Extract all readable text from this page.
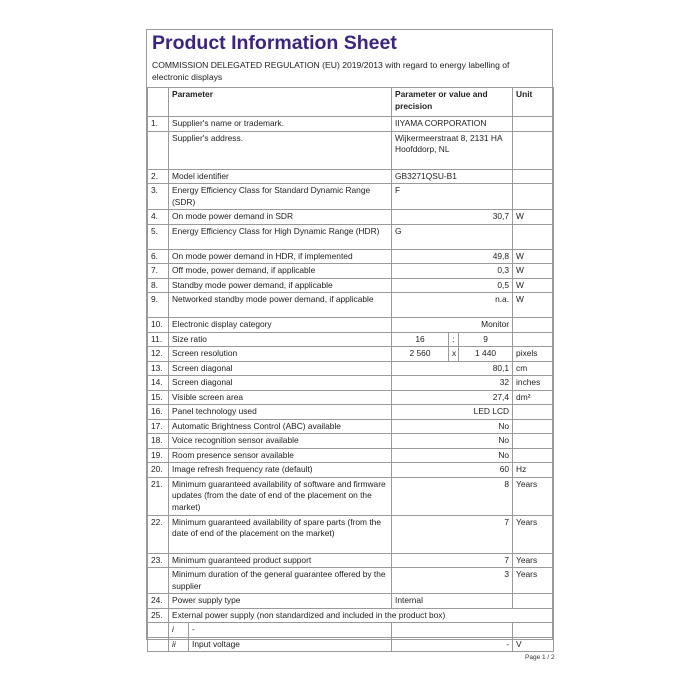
Product Information Sheet
COMMISSION DELEGATED REGULATION (EU) 2019/2013 with regard to energy labelling of electronic displays
	Parameter		Parameter or value and precision			Unit
1.	Supplier's name or trademark.		IIYAMA CORPORATION			
	Supplier's address.		Wijkermeerstraat 8, 2131 HA Hoofddorp, NL			
2.	Model identifier		GB3271QSU-B1			
3.	Energy Efficiency Class for Standard Dynamic Range (SDR)		F			
4.	On mode power demand in SDR		30,7			W
5.	Energy Efficiency Class for High Dynamic Range (HDR)		G			
6.	On mode power demand in HDR, if implemented		49,8			W
7.	Off mode, power demand, if applicable		0,3			W
8.	Standby mode power demand, if applicable		0,5			W
9.	Networked standby mode power demand, if applicable		n.a.			W
10.	Electronic display category		Monitor			
11.	Size ratio		16	:	9	
12.	Screen resolution		2 560	x	1 440	pixels
13.	Screen diagonal		80,1			cm
14.	Screen diagonal		32			inches
15.	Visible screen area		27,4			dm²
16.	Panel technology used		LED LCD			
17.	Automatic Brightness Control (ABC) available		No			
18.	Voice recognition sensor available		No			
19.	Room presence sensor available		No			
20.	Image refresh frequency rate (default)		60			Hz
21.	Minimum guaranteed availability of software and firmware updates (from the date of end of the placement on the market)		8			Years
22.	Minimum guaranteed availability of spare parts (from the date of end of the placement on the market)		7			Years
23.	Minimum guaranteed product support		7			Years
	Minimum duration of the general guarantee offered by the supplier		3			Years
24.	Power supply type		Internal			
25.	External power supply (non standardized and included in the product box)					
	i	-				
	ii	Input voltage	-			V
Page 1 / 2
